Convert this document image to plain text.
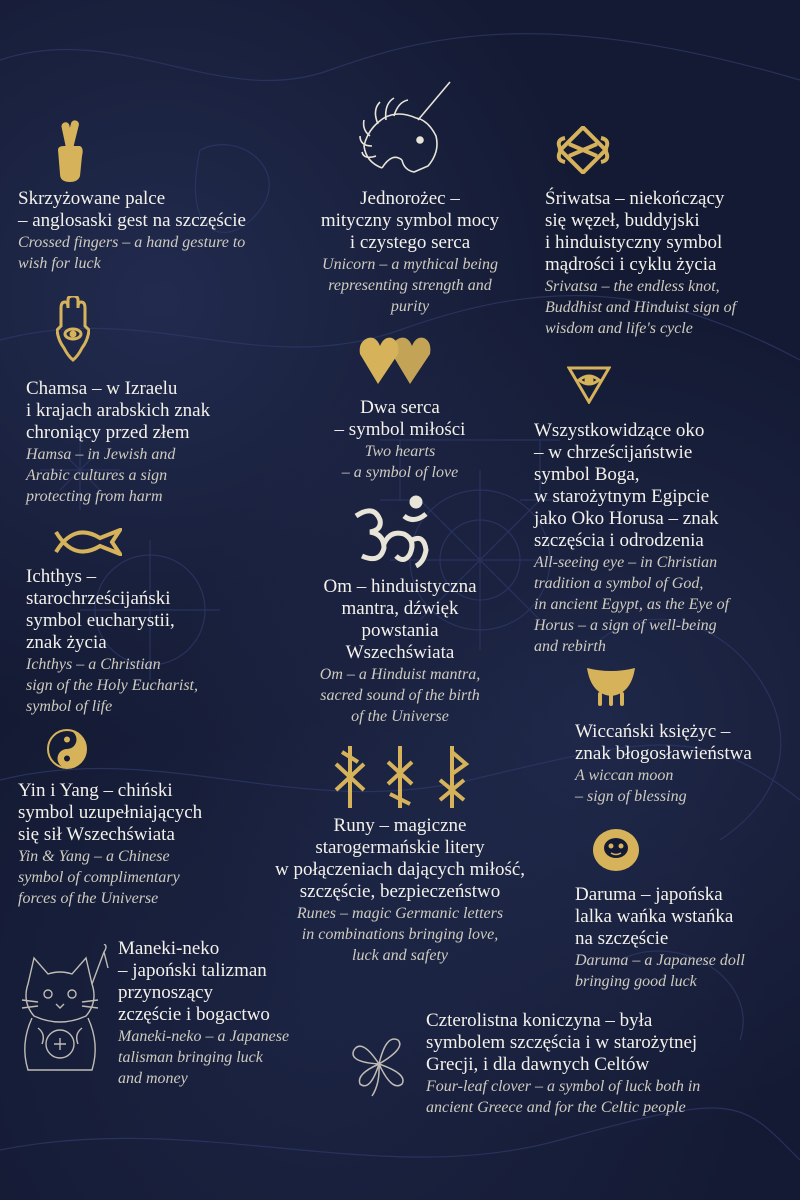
Skrzyżowane palce
– anglosaski gest na szczęście
Crossed fingers – a hand gesture to
wish for luck
Jednorożec –
mityczny symbol mocy
i czystego serca
Unicorn – a mythical being
representing strength and
purity
Śriwatsa – niekończący
się węzeł, buddyjski
i hinduistyczny symbol
mądrości i cyklu życia
Srivatsa – the endless knot,
Buddhist and Hinduist sign of
wisdom and life's cycle
Chamsa – w Izraelu
i krajach arabskich znak
chroniący przed złem
Hamsa – in Jewish and
Arabic cultures a sign
protecting from harm
Dwa serca
– symbol miłości
Two hearts
– a symbol of love
Wszystkowidzące oko
– w chrześcijaństwie
symbol Boga,
w starożytnym Egipcie
jako Oko Horusa – znak
szczęścia i odrodzenia
All-seeing eye – in Christian
tradition a symbol of God,
in ancient Egypt, as the Eye of
Horus – a sign of well-being
and rebirth
Ichthys –
starochrześcijański
symbol eucharystii,
znak życia
Ichthys – a Christian
sign of the Holy Eucharist,
symbol of life
Om – hinduistyczna
mantra, dźwięk
powstania
Wszechświata
Om – a Hinduist mantra,
sacred sound of the birth
of the Universe
Wiccański księżyc –
znak błogosławieństwa
A wiccan moon
– sign of blessing
Yin i Yang – chiński
symbol uzupełniających
się sił Wszechświata
Yin & Yang – a Chinese
symbol of complimentary
forces of the Universe
Runy – magiczne
starogermańskie litery
w połączeniach dających miłość,
szczęście, bezpieczeństwo
Runes – magic Germanic letters
in combinations bringing love,
luck and safety
Daruma – japońska
lalka wańka wstańka
na szczęście
Daruma – a Japanese doll
bringing good luck
Maneki-neko
– japoński talizman
przynoszący
zczęście i bogactwo
Maneki-neko – a Japanese
talisman bringing luck
and money
Czterolistna koniczyna – była
symbolem szczęścia i w starożytnej
Grecji, i dla dawnych Celtów
Four-leaf clover – a symbol of luck both in
ancient Greece and for the Celtic people
